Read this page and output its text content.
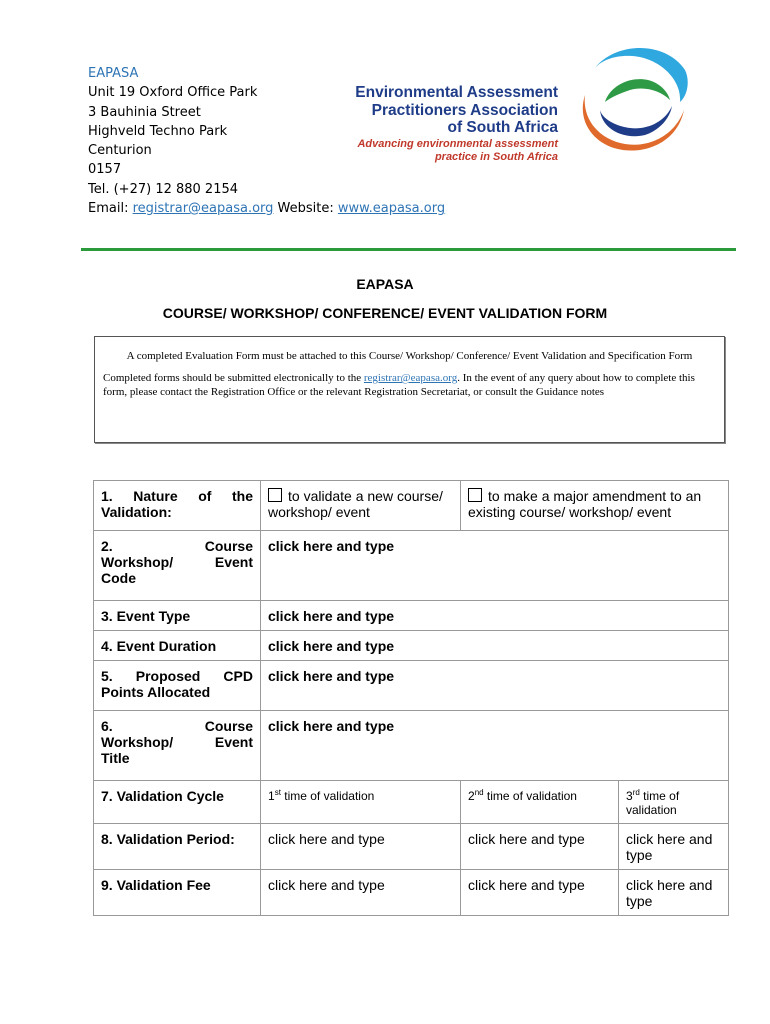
EAPASA
Unit 19 Oxford Office Park
3 Bauhinia Street
Highveld Techno Park
Centurion
0157
Tel. (+27) 12 880 2154
Email: registrar@eapasa.org Website: www.eapasa.org
Environmental Assessment
Practitioners Association
of South Africa
Advancing environmental assessment
practice in South Africa
EAPASA
COURSE/ WORKSHOP/ CONFERENCE/ EVENT VALIDATION FORM
A completed Evaluation Form must be attached to this Course/ Workshop/ Conference/ Event Validation and Specification Form
Completed forms should be submitted electronically to the registrar@eapasa.org. In the event of any query about how to complete this form, please contact the Registration Office or the relevant Registration Secretariat, or consult the Guidance notes
1. Nature of the
Validation:	to validate a new course/ workshop/ event	to make a major amendment to an existing course/ workshop/ event	

2. Course
Workshop/ Event
Code	click here and type		
3. Event Type	click here and type		
4. Event Duration	click here and type		

5. Proposed CPD
Points Allocated	click here and type		

6. Course
Workshop/ Event
Title	click here and type		
7. Validation Cycle	1st time of validation	2nd time of validation	3rd time of validation
8. Validation Period:	click here and type	click here and type	click here and type
9. Validation Fee	click here and type	click here and type	click here and type
